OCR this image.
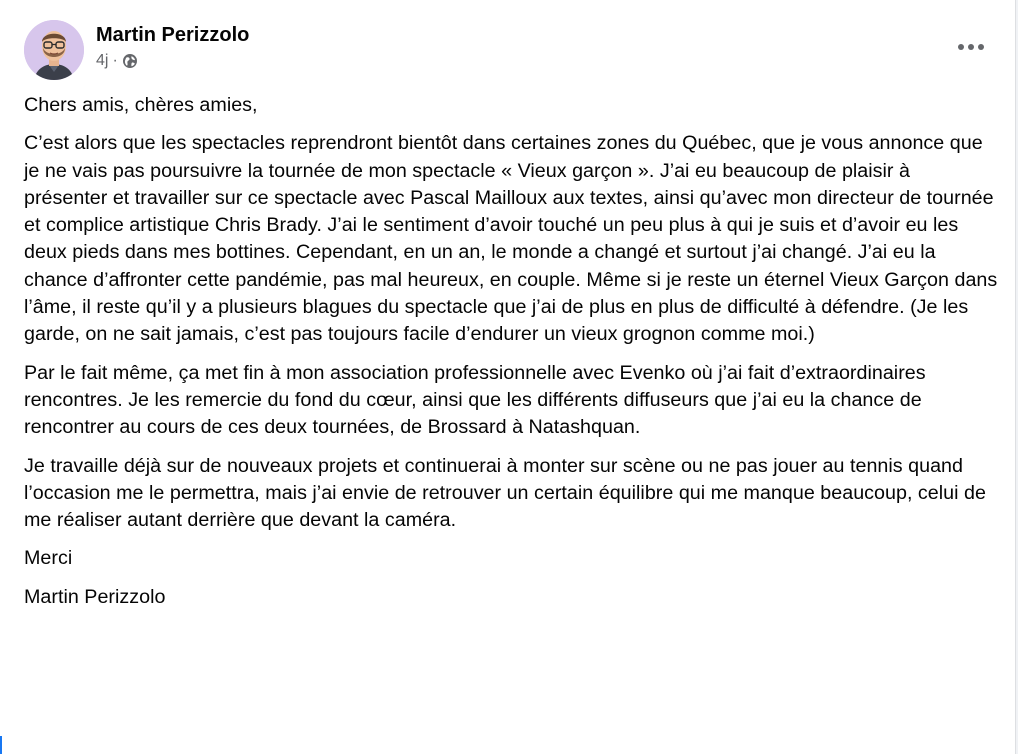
Martin Perizzolo
4j ·

Chers amis, chères amies,

C’est alors que les spectacles reprendront bientôt dans certaines zones du Québec, que je vous annonce que je ne vais pas poursuivre la tournée de mon spectacle « Vieux garçon ». J’ai eu beaucoup de plaisir à présenter et travailler sur ce spectacle avec Pascal Mailloux aux textes, ainsi qu’avec mon directeur de tournée et complice artistique Chris Brady. J’ai le sentiment d’avoir touché un peu plus à qui je suis et d’avoir eu les deux pieds dans mes bottines. Cependant, en un an, le monde a changé et surtout j’ai changé. J’ai eu la chance d’affronter cette pandémie, pas mal heureux, en couple. Même si je reste un éternel Vieux Garçon dans l’âme, il reste qu’il y a plusieurs blagues du spectacle que j’ai de plus en plus de difficulté à défendre. (Je les garde, on ne sait jamais, c’est pas toujours facile d’endurer un vieux grognon comme moi.)

Par le fait même, ça met fin à mon association professionnelle avec Evenko où j’ai fait d’extraordinaires rencontres. Je les remercie du fond du cœur, ainsi que les différents diffuseurs que j’ai eu la chance de rencontrer au cours de ces deux tournées, de Brossard à Natashquan.

Je travaille déjà sur de nouveaux projets et continuerai à monter sur scène ou ne pas jouer au tennis quand l’occasion me le permettra, mais j’ai envie de retrouver un certain équilibre qui me manque beaucoup, celui de me réaliser autant derrière que devant la caméra.

Merci

Martin Perizzolo
